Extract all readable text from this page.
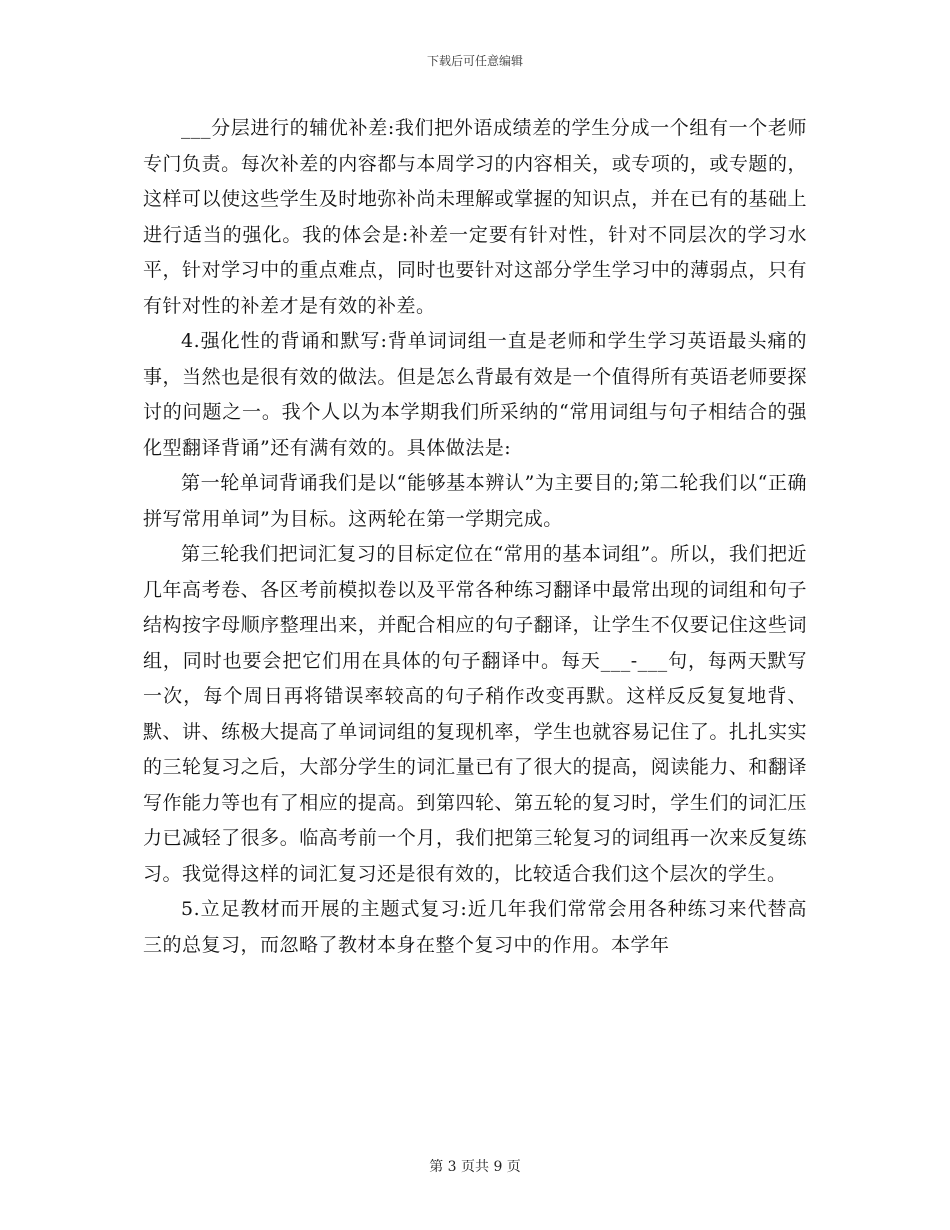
下载后可任意编辑

___分层进行的辅优补差:我们把外语成绩差的学生分成一个组有一个老师专门负责。每次补差的内容都与本周学习的内容相关，或专项的，或专题的，这样可以使这些学生及时地弥补尚未理解或掌握的知识点，并在已有的基础上进行适当的强化。我的体会是:补差一定要有针对性，针对不同层次的学习水平，针对学习中的重点难点，同时也要针对这部分学生学习中的薄弱点，只有有针对性的补差才是有效的补差。

4.强化性的背诵和默写:背单词词组一直是老师和学生学习英语最头痛的事，当然也是很有效的做法。但是怎么背最有效是一个值得所有英语老师要探讨的问题之一。我个人以为本学期我们所采纳的“常用词组与句子相结合的强化型翻译背诵”还有满有效的。具体做法是:

第一轮单词背诵我们是以“能够基本辨认”为主要目的;第二轮我们以“正确拼写常用单词”为目标。这两轮在第一学期完成。

第三轮我们把词汇复习的目标定位在“常用的基本词组”。所以，我们把近几年高考卷、各区考前模拟卷以及平常各种练习翻译中最常出现的词组和句子结构按字母顺序整理出来，并配合相应的句子翻译，让学生不仅要记住这些词组，同时也要会把它们用在具体的句子翻译中。每天___-___句，每两天默写一次，每个周日再将错误率较高的句子稍作改变再默。这样反反复复地背、默、讲、练极大提高了单词词组的复现机率，学生也就容易记住了。扎扎实实的三轮复习之后，大部分学生的词汇量已有了很大的提高，阅读能力、和翻译写作能力等也有了相应的提高。到第四轮、第五轮的复习时，学生们的词汇压力已减轻了很多。临高考前一个月，我们把第三轮复习的词组再一次来反复练习。我觉得这样的词汇复习还是很有效的，比较适合我们这个层次的学生。

5.立足教材而开展的主题式复习:近几年我们常常会用各种练习来代替高三的总复习，而忽略了教材本身在整个复习中的作用。本学年

第 3 页共 9 页
